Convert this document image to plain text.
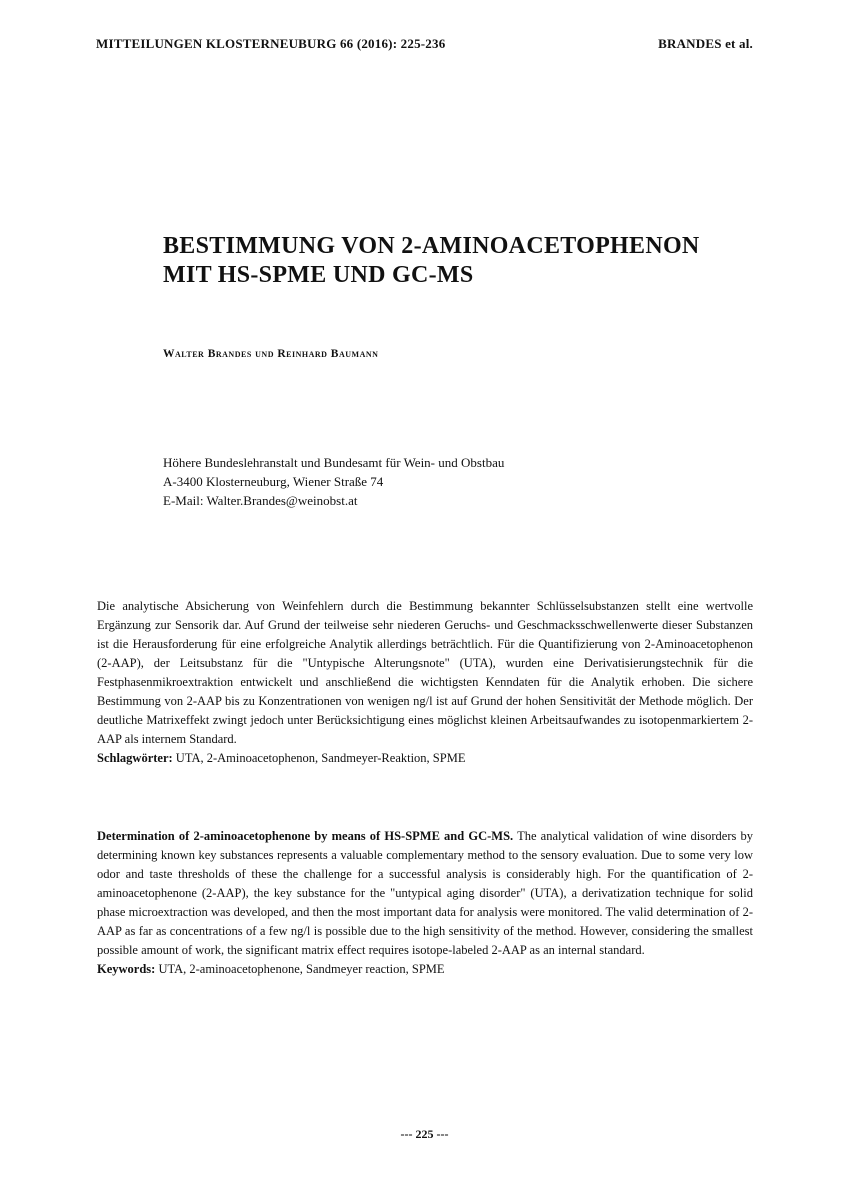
MITTEILUNGEN KLOSTERNEUBURG 66 (2016): 225-236	BRANDES et al.
BESTIMMUNG VON 2-AMINOACETOPHENON
MIT HS-SPME UND GC-MS
Walter Brandes und Reinhard Baumann
Höhere Bundeslehranstalt und Bundesamt für Wein- und Obstbau
A-3400 Klosterneuburg, Wiener Straße 74
E-Mail: Walter.Brandes@weinobst.at

Die analytische Absicherung von Weinfehlern durch die Bestimmung bekannter Schlüsselsubstanzen stellt eine wertvolle Ergänzung zur Sensorik dar. Auf Grund der teilweise sehr niederen Geruchs- und Geschmacksschwellenwerte dieser Substanzen ist die Herausforderung für eine erfolgreiche Analytik allerdings beträchtlich. Für die Quantifizierung von 2-Aminoacetophenon (2-AAP), der Leitsubstanz für die "Untypische Alterungsnote" (UTA), wurden eine Derivatisierungstechnik für die Festphasenmikroextraktion entwickelt und anschließend die wichtigsten Kenndaten für die Analytik erhoben. Die sichere Bestimmung von 2-AAP bis zu Konzentrationen von wenigen ng/l ist auf Grund der hohen Sensitivität der Methode möglich. Der deutliche Matrixeffekt zwingt jedoch unter Berücksichtigung eines möglichst kleinen Arbeitsaufwandes zu isotopenmarkiertem 2-AAP als internem Standard.

Schlagwörter: UTA, 2-Aminoacetophenon, Sandmeyer-Reaktion, SPME

Determination of 2-aminoacetophenone by means of HS-SPME and GC-MS. The analytical validation of wine disorders by determining known key substances represents a valuable complementary method to the sensory evaluation. Due to some very low odor and taste thresholds of these the challenge for a successful analysis is considerably high. For the quantification of 2-aminoacetophenone (2-AAP), the key substance for the "untypical aging disorder" (UTA), a derivatization technique for solid phase microextraction was developed, and then the most important data for analysis were monitored. The valid determination of 2-AAP as far as concentrations of a few ng/l is possible due to the high sensitivity of the method. However, considering the smallest possible amount of work, the significant matrix effect requires isotope-labeled 2-AAP as an internal standard.

Keywords: UTA, 2-aminoacetophenone, Sandmeyer reaction, SPME

--- 225 ---
